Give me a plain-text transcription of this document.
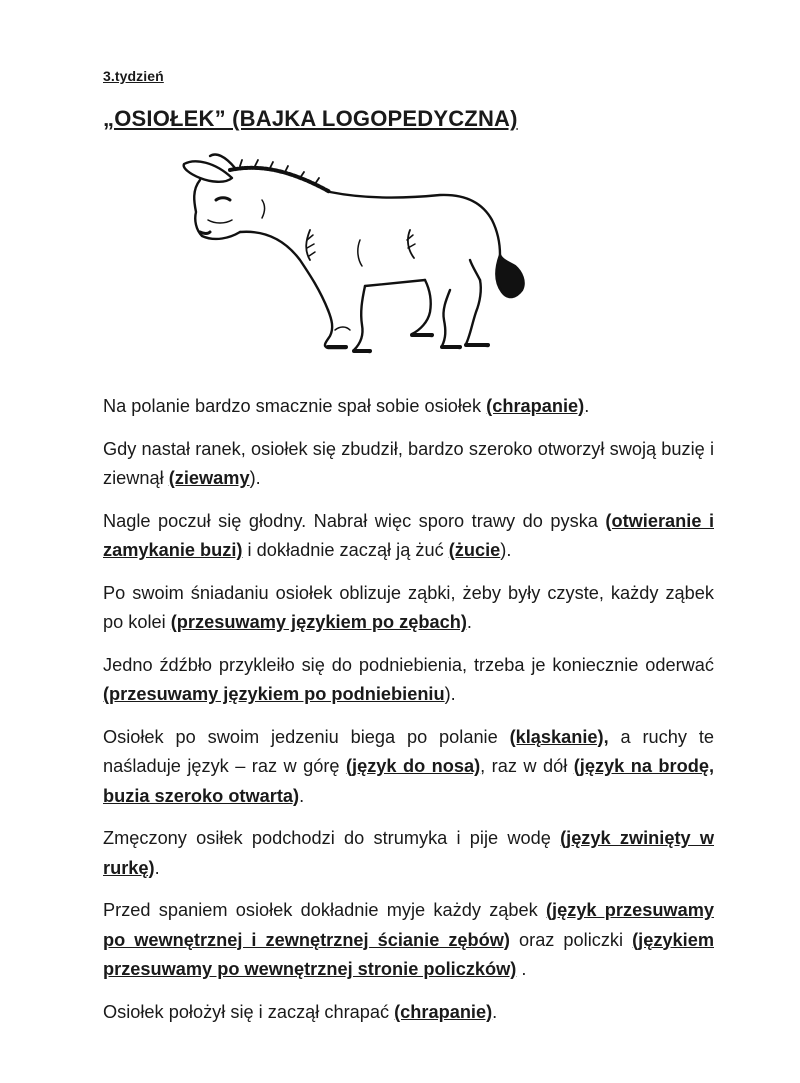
3.tydzień
„OSIOŁEK” (BAJKA LOGOPEDYCZNA)

Na polanie bardzo smacznie spał sobie osiołek (chrapanie).

Gdy nastał ranek, osiołek się zbudził, bardzo szeroko otworzył swoją buzię i ziewnął (ziewamy).

Nagle poczuł się głodny. Nabrał więc sporo trawy do pyska (otwieranie i zamykanie buzi) i dokładnie zaczął ją żuć (żucie).

Po swoim śniadaniu osiołek oblizuje ząbki, żeby były czyste, każdy ząbek po kolei (przesuwamy językiem po zębach).

Jedno źdźbło przykleiło się do podniebienia, trzeba je koniecznie oderwać (przesuwamy językiem po podniebieniu).

Osiołek po swoim jedzeniu biega po polanie (kląskanie), a ruchy te naśladuje język – raz w górę (język do nosa), raz w dół (język na brodę, buzia szeroko otwarta).

Zmęczony osiłek podchodzi do strumyka i pije wodę (język zwinięty w rurkę).

Przed spaniem osiołek dokładnie myje każdy ząbek (język przesuwamy po wewnętrznej i zewnętrznej ścianie zębów) oraz policzki (językiem przesuwamy po wewnętrznej stronie policzków) .

Osiołek położył się i zaczął chrapać (chrapanie).
